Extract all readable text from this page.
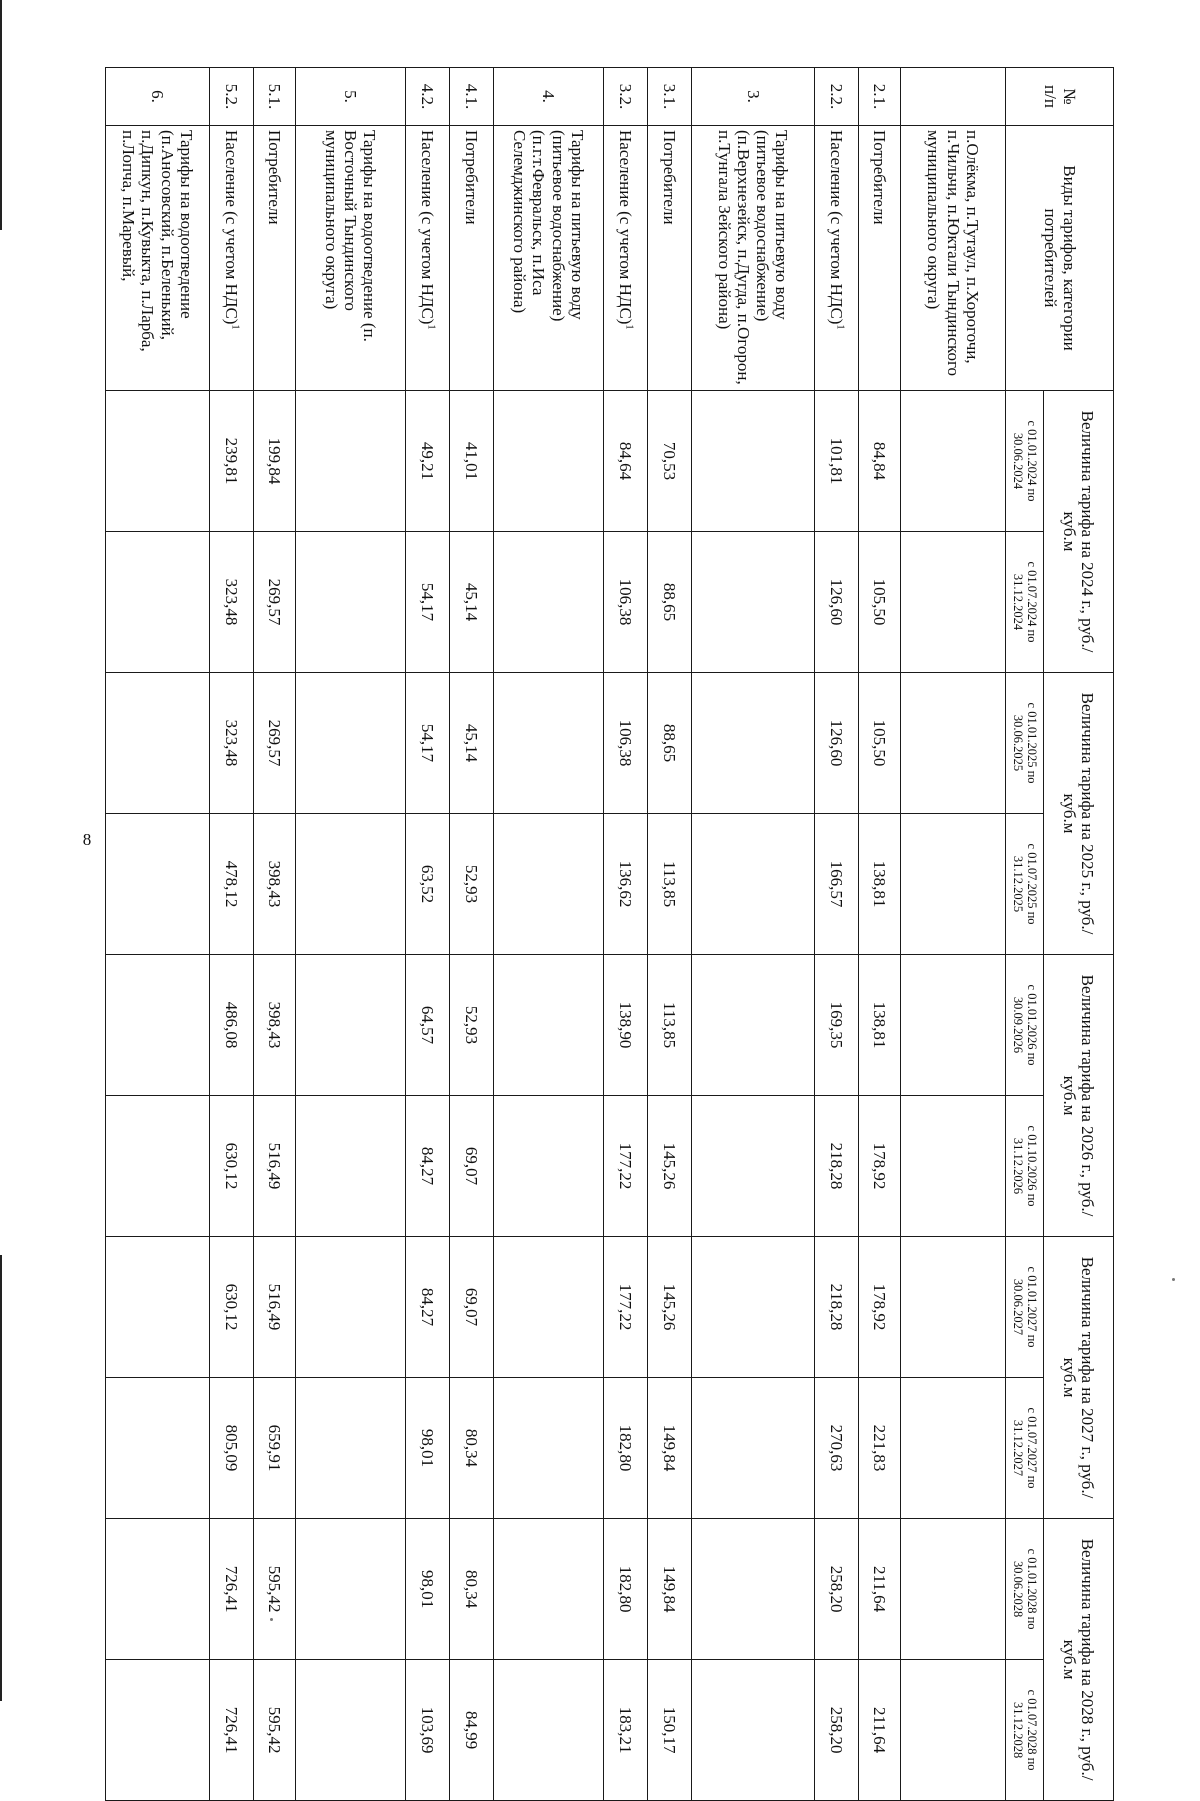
8
№
п/п	Виды тарифов, категории потребителей	Величина тарифа на 2024 г., руб./куб.м		Величина тарифа на 2025 г., руб./куб.м		Величина тарифа на 2026 г., руб./куб.м		Величина тарифа на 2027 г., руб./куб.м		Величина тарифа на 2028 г., руб./куб.м	
		с 01.01.2024 по 30.06.2024	с 01.07.2024 по 31.12.2024	с 01.01.2025 по 30.06.2025	с 01.07.2025 по 31.12.2025	с 01.01.2026 по 30.09.2026	с 01.10.2026 по 31.12.2026	с 01.01.2027 по 30.06.2027	с 01.07.2027 по 31.12.2027	с 01.01.2028 по 30.06.2028	с 01.07.2028 по 31.12.2028
	п.Олёкма, п.Тутаул, п.Хорогочи, п.Чильчи, п.Юктали Тындинского муниципального округа)										
2.1.	Потребители	84,84	105,50	105,50	138,81	138,81	178,92	178,92	221,83	211,64	211,64
2.2.	Население (с учетом НДС)$^1$	101,81	126,60	126,60	166,57	169,35	218,28	218,28	270,63	258,20	258,20
3.	Тарифы на питьевую воду (питьевое водоснабжение) (п.Верхнезейск, п.Дугда, п.Огорон, п.Тунгала Зейского района)										
3.1.	Потребители	70,53	88,65	88,65	113,85	113,85	145,26	145,26	149,84	149,84	150,17
3.2.	Население (с учетом НДС)$^1$	84,64	106,38	106,38	136,62	138,90	177,22	177,22	182,80	182,80	183,21
4.	Тарифы на питьевую воду (питьевое водоснабжение) (п.г.т.Февральск, п.Иса Селемджинского района)										
4.1.	Потребители	41,01	45,14	45,14	52,93	52,93	69,07	69,07	80,34	80,34	84,99
4.2.	Население (с учетом НДС)$^1$	49,21	54,17	54,17	63,52	64,57	84,27	84,27	98,01	98,01	103,69
5.	Тарифы на водоотведение (п. Восточный Тындинского муниципального округа)										
5.1.	Потребители	199,84	269,57	269,57	398,43	398,43	516,49	516,49	659,91	595,42	595,42
5.2.	Население (с учетом НДС)$^1$	239,81	323,48	323,48	478,12	486,08	630,12	630,12	805,09	726,41	726,41
6.	Тарифы на водоотведение (п.Аносовский, п.Беленький, п.Дипкун, п.Кувыкта, п.Ларба, п.Лопча, п.Маревый,										
